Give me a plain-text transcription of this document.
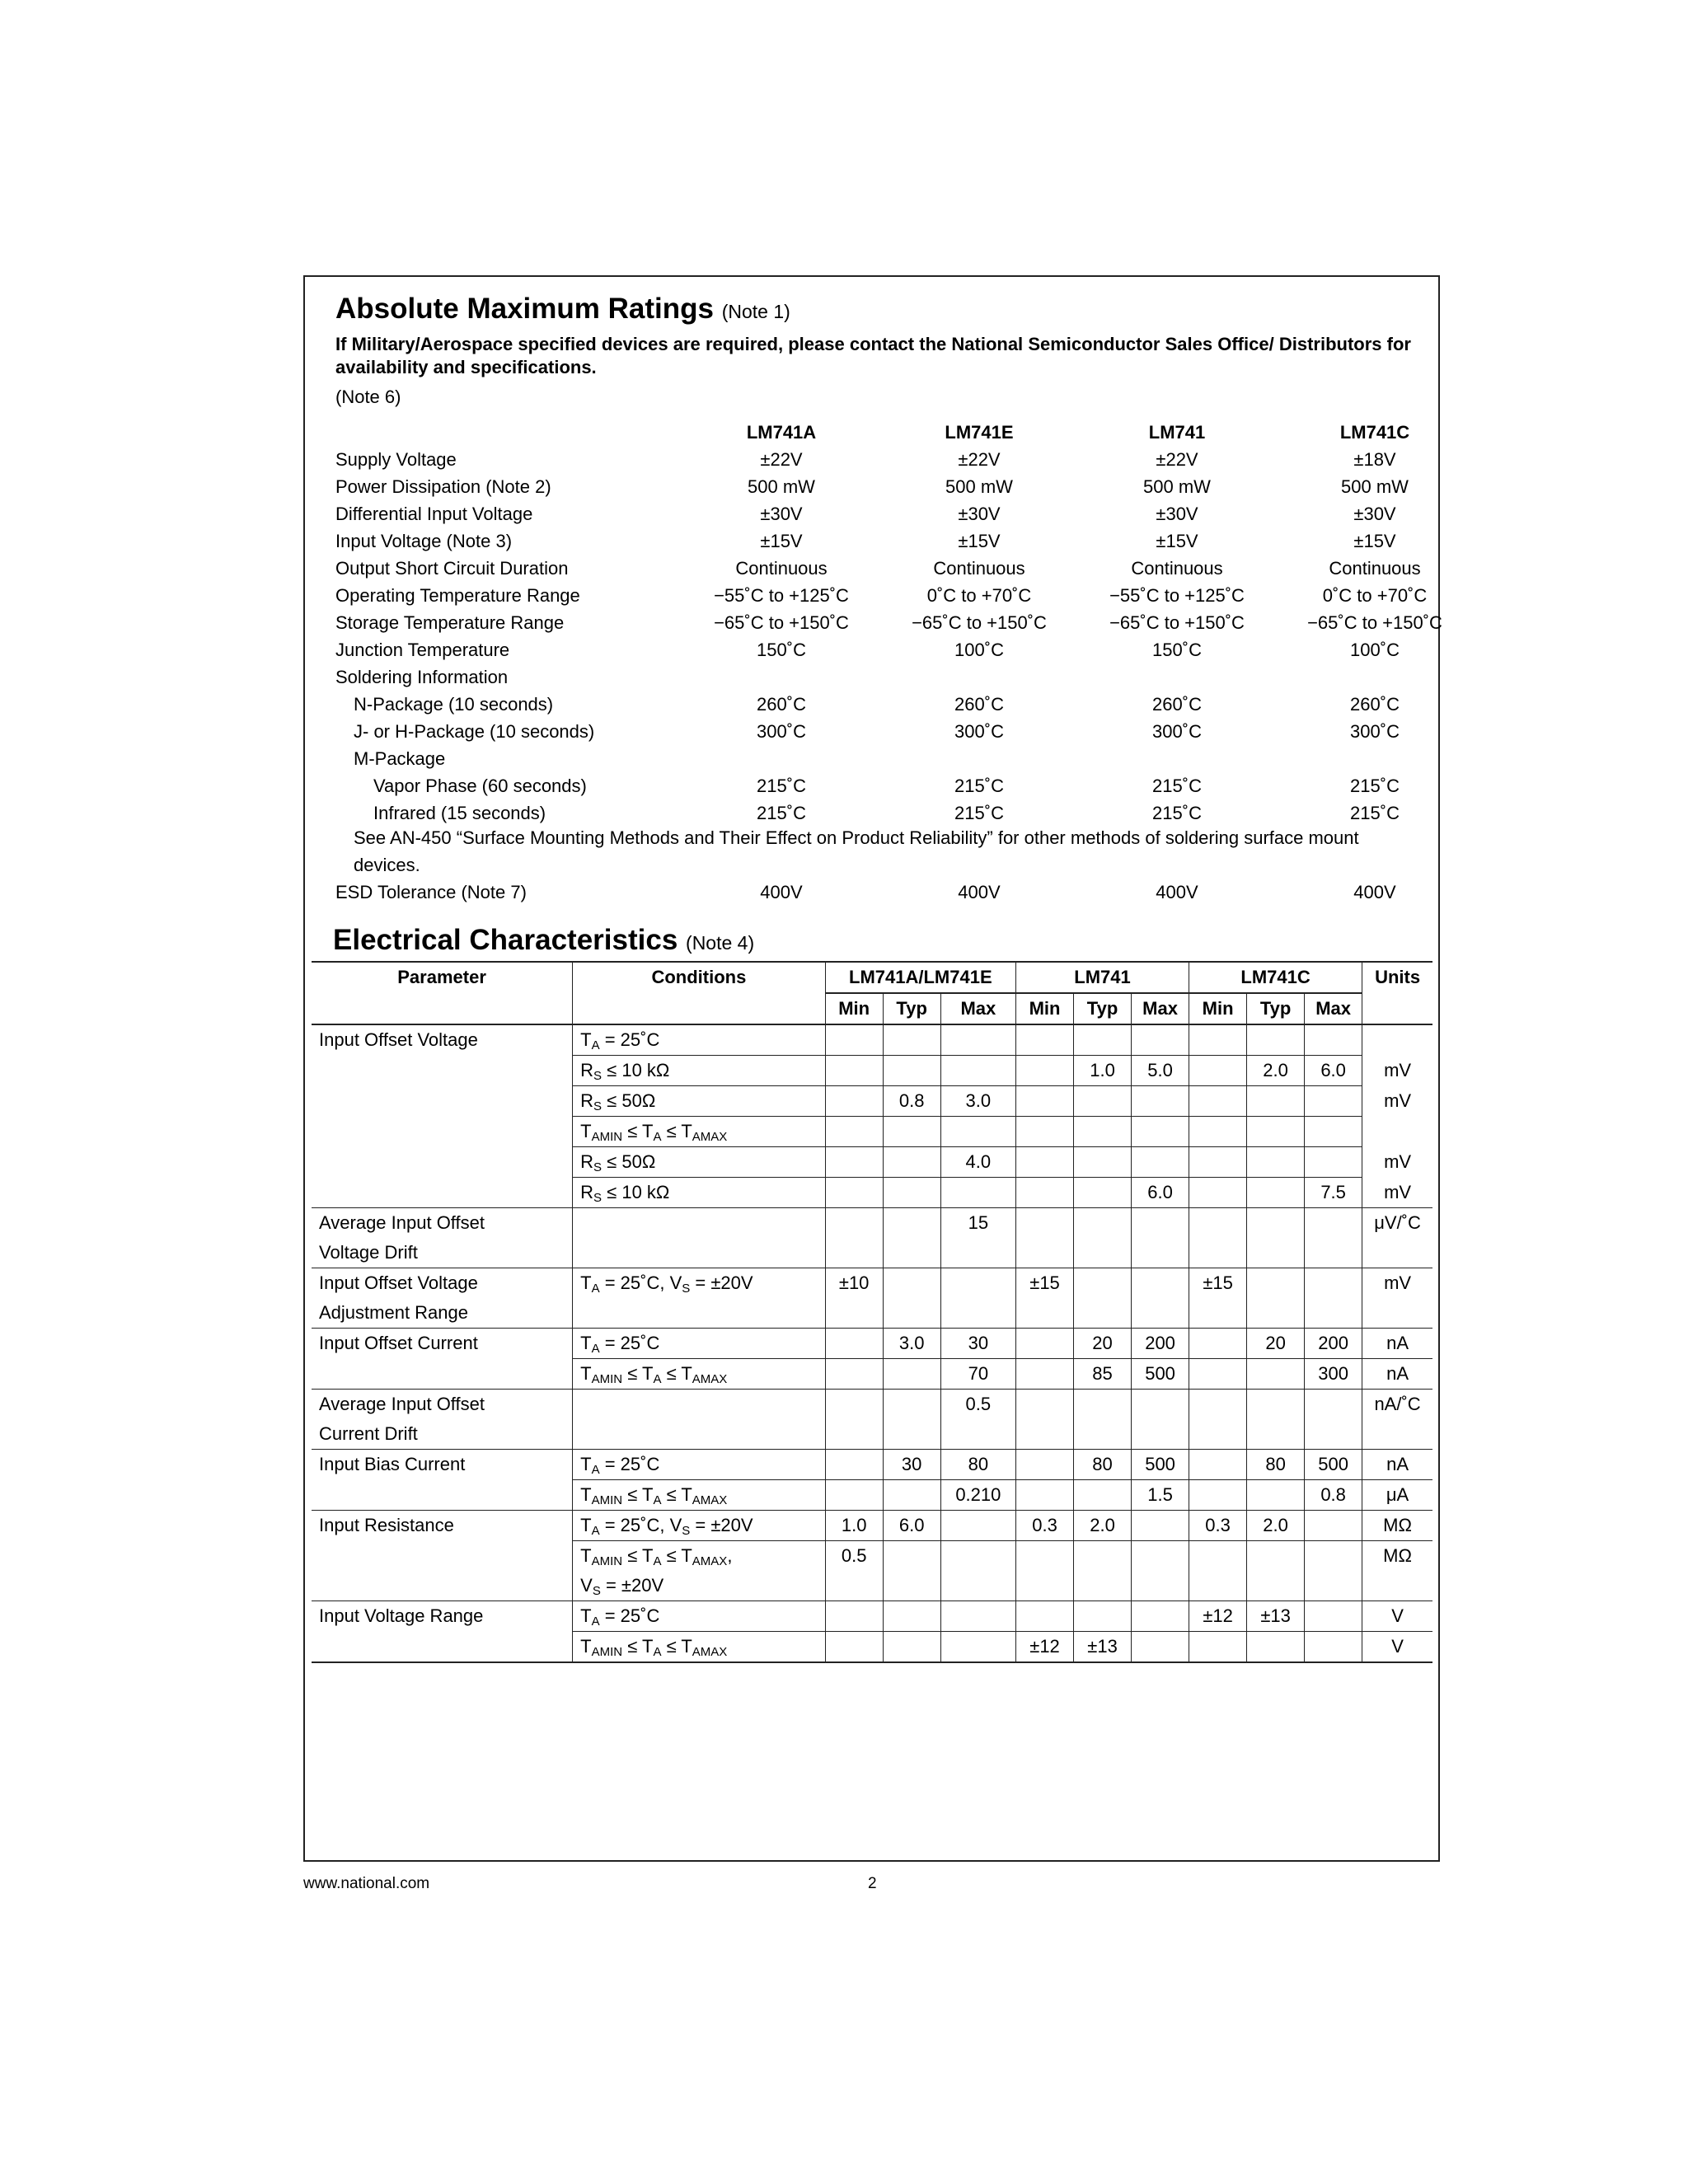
Absolute Maximum Ratings (Note 1)

If Military/Aerospace specified devices are required, please contact the National Semiconductor Sales Office/ Distributors for availability and specifications.

(Note 6)

	LM741A	LM741E	LM741	LM741C
Supply Voltage	±22V	±22V	±22V	±18V
Power Dissipation (Note 2)	500 mW	500 mW	500 mW	500 mW
Differential Input Voltage	±30V	±30V	±30V	±30V
Input Voltage (Note 3)	±15V	±15V	±15V	±15V
Output Short Circuit Duration	Continuous	Continuous	Continuous	Continuous
Operating Temperature Range	−55˚C to +125˚C	0˚C to +70˚C	−55˚C to +125˚C	0˚C to +70˚C
Storage Temperature Range	−65˚C to +150˚C	−65˚C to +150˚C	−65˚C to +150˚C	−65˚C to +150˚C
Junction Temperature	150˚C	100˚C	150˚C	100˚C
Soldering Information				
N-Package (10 seconds)	260˚C	260˚C	260˚C	260˚C
J- or H-Package (10 seconds)	300˚C	300˚C	300˚C	300˚C
M-Package				
Vapor Phase (60 seconds)	215˚C	215˚C	215˚C	215˚C
Infrared (15 seconds)	215˚C	215˚C	215˚C	215˚C

See AN-450 “Surface Mounting Methods and Their Effect on Product Reliability” for other methods of soldering surface mount devices.

ESD Tolerance (Note 7)	400V	400V	400V	400V
Electrical Characteristics (Note 4)
Parameter	Conditions	LM741A/LM741E			LM741			LM741C			Units
		Min	Typ	Max	Min	Typ	Max	Min	Typ	Max	
Input Offset Voltage	$T_A$ = 25˚C										
	$R_S \le 10$ kΩ					1.0	5.0		2.0	6.0	mV
	$R_S \le 50\Omega$		0.8	3.0							mV
	$T_{AMIN} \le T_A \le T_{AMAX}$										
	$R_S \le 50\Omega$			4.0							mV
	$R_S \le 10$ kΩ						6.0			7.5	mV
Average Input Offset				15							μV/˚C
Voltage Drift											
Input Offset Voltage	$T_A$ = 25˚C, $V_S = \pm 20V$	±10			±15			±15			mV
Adjustment Range											
Input Offset Current	$T_A$ = 25˚C		3.0	30		20	200		20	200	nA
	$T_{AMIN} \le T_A \le T_{AMAX}$			70		85	500			300	nA
Average Input Offset				0.5							nA/˚C
Current Drift											
Input Bias Current	$T_A$ = 25˚C		30	80		80	500		80	500	nA
	$T_{AMIN} \le T_A \le T_{AMAX}$			0.210			1.5			0.8	μA
Input Resistance	$T_A$ = 25˚C, $V_S = \pm 20V$	1.0	6.0		0.3	2.0		0.3	2.0		MΩ
	$T_{AMIN} \le T_A \le T_{AMAX}$,	0.5									MΩ
	$V_S = \pm 20V$										
Input Voltage Range	$T_A$ = 25˚C							±12	±13		V
	$T_{AMIN} \le T_A \le T_{AMAX}$				±12	±13					V
www.national.com	2
